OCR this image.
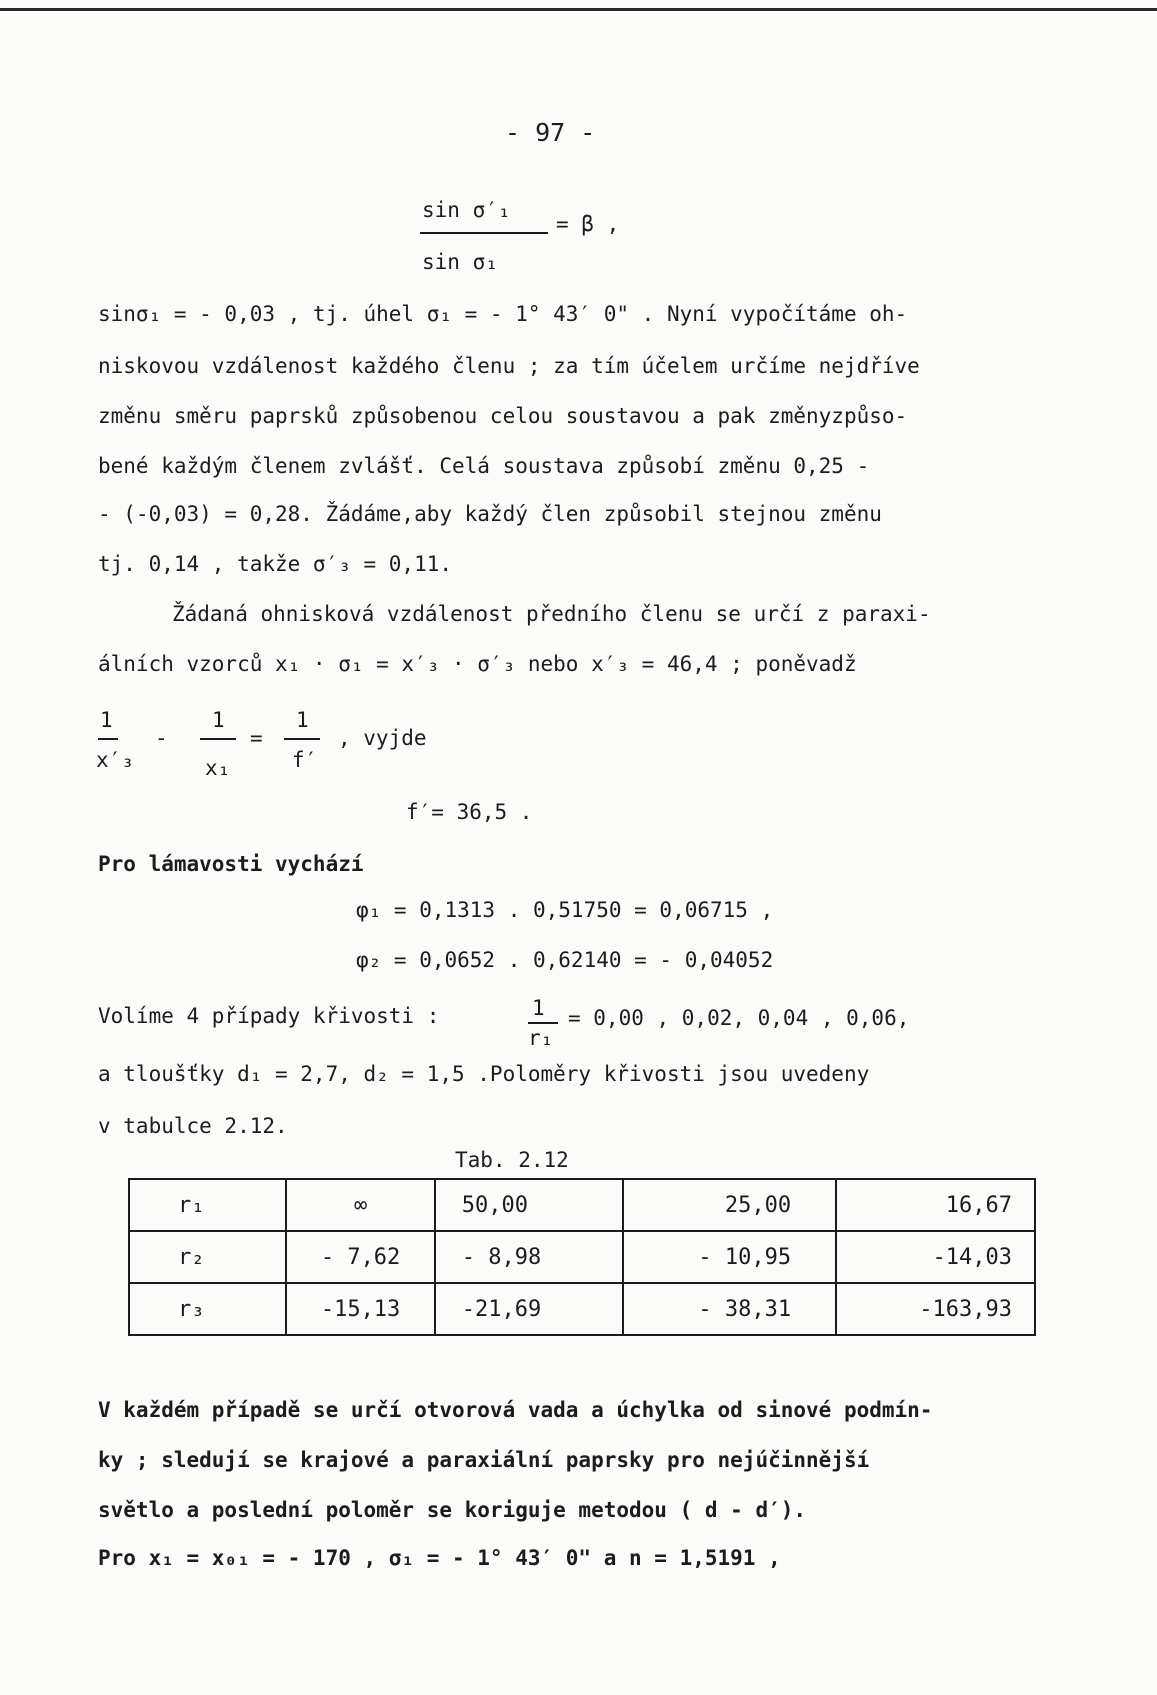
- 97 -
sin σ′₁
sin σ₁
= β ,
sinσ₁ = - 0,03 , tj. úhel σ₁ = - 1° 43′ 0" . Nyní vypočítáme oh-
niskovou vzdálenost každého členu ; za tím účelem určíme nejdříve
změnu směru paprsků způsobenou celou soustavou a pak změnyzpůso-
bené každým členem zvlášť. Celá soustava způsobí změnu 0,25 -
- (-0,03) = 0,28. Žádáme,aby každý člen způsobil stejnou změnu
tj. 0,14 , takže σ′₃ = 0,11.
Žádaná ohnisková vzdálenost předního členu se určí z paraxi-
álních vzorců x₁ · σ₁ = x′₃ · σ′₃ nebo x′₃ = 46,4 ; poněvadž
1
x′₃
-
1
x₁
=
1
f′
, vyjde
f′= 36,5 .
Pro lámavosti vychází
φ₁ = 0,1313 . 0,51750 = 0,06715 ,
φ₂ = 0,0652 . 0,62140 = - 0,04052
Volíme 4 případy křivosti :	1
r₁
= 0,00 , 0,02, 0,04 , 0,06,
a tloušťky d₁ = 2,7, d₂ = 1,5 .Poloměry křivosti jsou uvedeny
v tabulce 2.12.
Tab. 2.12
r₁	∞	50,00	25,00	16,67
r₂	- 7,62	- 8,98	- 10,95	-14,03
r₃	-15,13	-21,69	- 38,31	-163,93
V každém případě se určí otvorová vada a úchylka od sinové podmín-
ky ; sledují se krajové a paraxiální paprsky pro nejúčinnější
světlo a poslední poloměr se koriguje metodou ( d - d′).
Pro x₁ = x₀₁ = - 170 , σ₁ = - 1° 43′ 0" a n = 1,5191 ,
